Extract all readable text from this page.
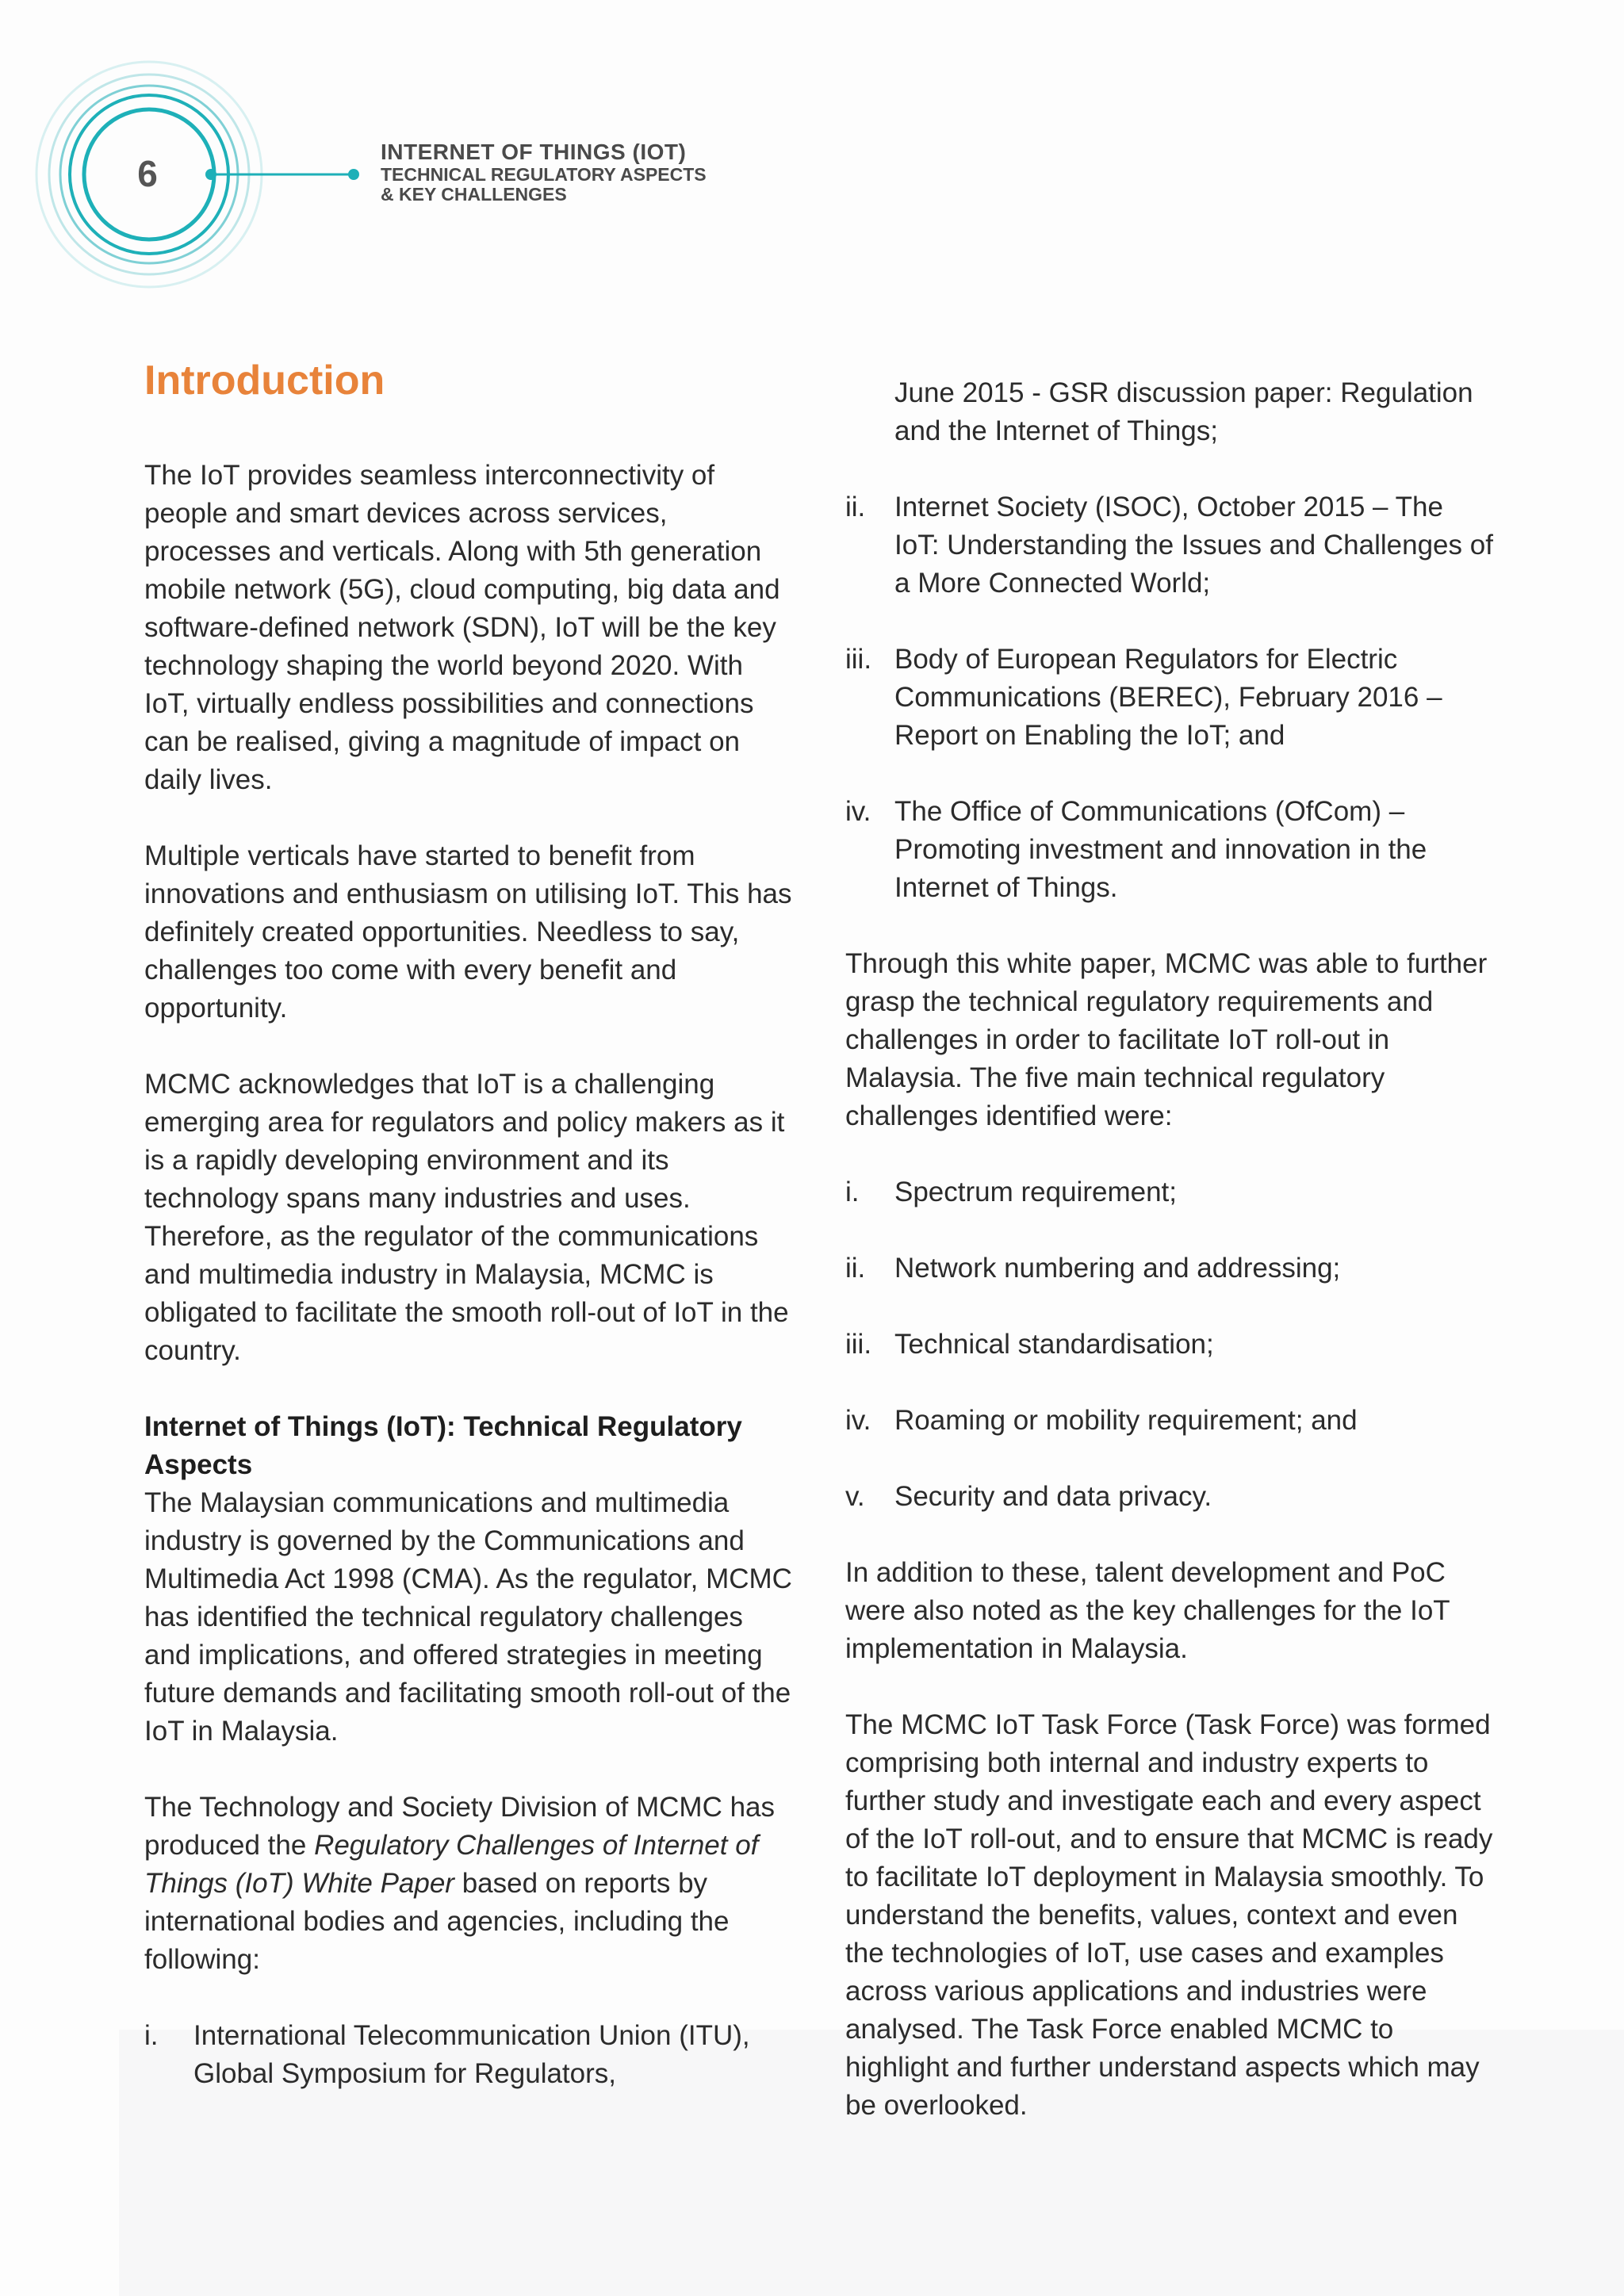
6
INTERNET OF THINGS (IOT)
TECHNICAL REGULATORY ASPECTS
& KEY CHALLENGES
Introduction

The IoT provides seamless interconnectivity of people and smart devices across services, processes and verticals. Along with 5th generation mobile network (5G), cloud computing, big data and software-defined network (SDN), IoT will be the key technology shaping the world beyond 2020. With IoT, virtually endless possibilities and connections can be realised, giving a magnitude of impact on daily lives.

Multiple verticals have started to benefit from innovations and enthusiasm on utilising IoT. This has definitely created opportunities. Needless to say, challenges too come with every benefit and opportunity.

MCMC acknowledges that IoT is a challenging emerging area for regulators and policy makers as it is a rapidly developing environment and its technology spans many industries and uses. Therefore, as the regulator of the communications and multimedia industry in Malaysia, MCMC is obligated to facilitate the smooth roll-out of IoT in the country.

Internet of Things (IoT): Technical Regulatory Aspects

The Malaysian communications and multimedia industry is governed by the Communications and Multimedia Act 1998 (CMA). As the regulator, MCMC has identified the technical regulatory challenges and implications, and offered strategies in meeting future demands and facilitating smooth roll-out of the IoT in Malaysia.

The Technology and Society Division of MCMC has produced the Regulatory Challenges of Internet of Things (IoT) White Paper based on reports by international bodies and agencies, including the following:

i.	International Telecommunication Union (ITU), Global Symposium for Regulators,

June 2015 - GSR discussion paper: Regulation and the Internet of Things;

ii.	Internet Society (ISOC), October 2015 – The IoT: Understanding the Issues and Challenges of a More Connected World;
iii. Body of European Regulators for Electric Communications (BEREC), February 2016 – Report on Enabling the IoT; and
iv. The Office of Communications (OfCom) – Promoting investment and innovation in the Internet of Things.

Through this white paper, MCMC was able to further grasp the technical regulatory requirements and challenges in order to facilitate IoT roll-out in Malaysia. The five main technical regulatory challenges identified were:

i.	Spectrum requirement;
ii.	Network numbering and addressing;
iii. Technical standardisation;
iv. Roaming or mobility requirement; and
v.	Security and data privacy.

In addition to these, talent development and PoC were also noted as the key challenges for the IoT implementation in Malaysia.

The MCMC IoT Task Force (Task Force) was formed comprising both internal and industry experts to further study and investigate each and every aspect of the IoT roll-out, and to ensure that MCMC is ready to facilitate IoT deployment in Malaysia smoothly. To understand the benefits, values, context and even the technologies of IoT, use cases and examples across various applications and industries were analysed. The Task Force enabled MCMC to highlight and further understand aspects which may be overlooked.
